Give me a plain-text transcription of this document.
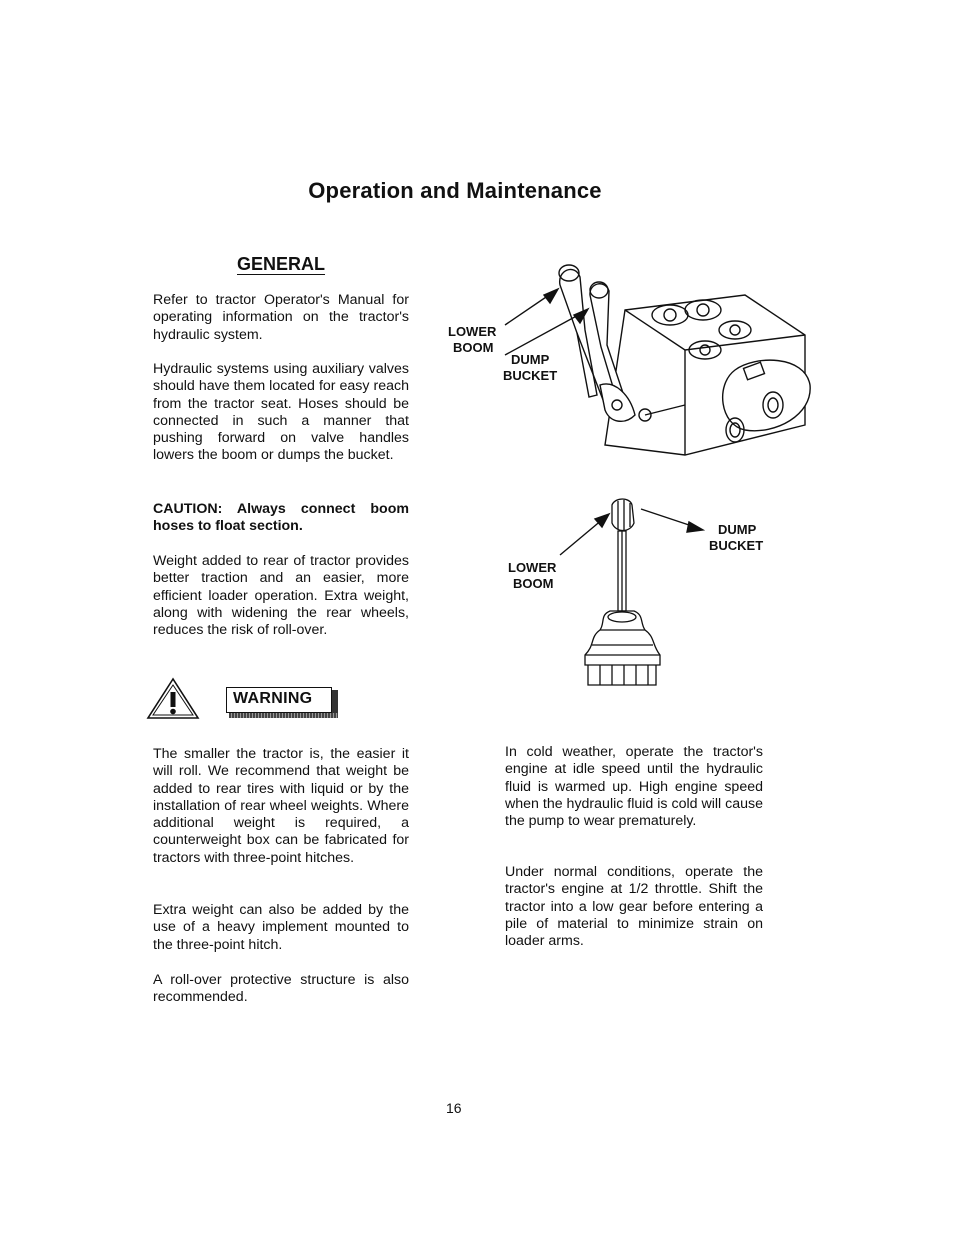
Operation and Maintenance
GENERAL
Refer to tractor Operator's Manual for operating information on the tractor's hydraulic system.
Hydraulic systems using auxiliary valves should have them located for easy reach from the tractor seat. Hoses should be connected in such a manner that pushing forward on valve handles lowers the boom or dumps the bucket.
CAUTION: Always connect boom hoses to float section.
Weight added to rear of tractor provides better traction and an easier, more efficient loader operation. Extra weight, along with widening the rear wheels, reduces the risk of roll-over.
WARNING
The smaller the tractor is, the easier it will roll. We recommend that weight be added to rear tires with liquid or by the installation of rear wheel weights. Where additional weight is required, a counterweight box can be fabricated for tractors with three-point hitches.
Extra weight can also be added by the use of a heavy implement mounted to the three-point hitch.
A roll-over protective structure is also recommended.
LOWER
BOOM
DUMP
BUCKET
DUMP
BUCKET
LOWER
BOOM
In cold weather, operate the tractor's engine at idle speed until the hydraulic fluid is warmed up. High engine speed when the hydraulic fluid is cold will cause the pump to wear prematurely.
Under normal conditions, operate the tractor's engine at 1/2 throttle. Shift the tractor into a low gear before entering a pile of material to minimize strain on loader arms.
16
